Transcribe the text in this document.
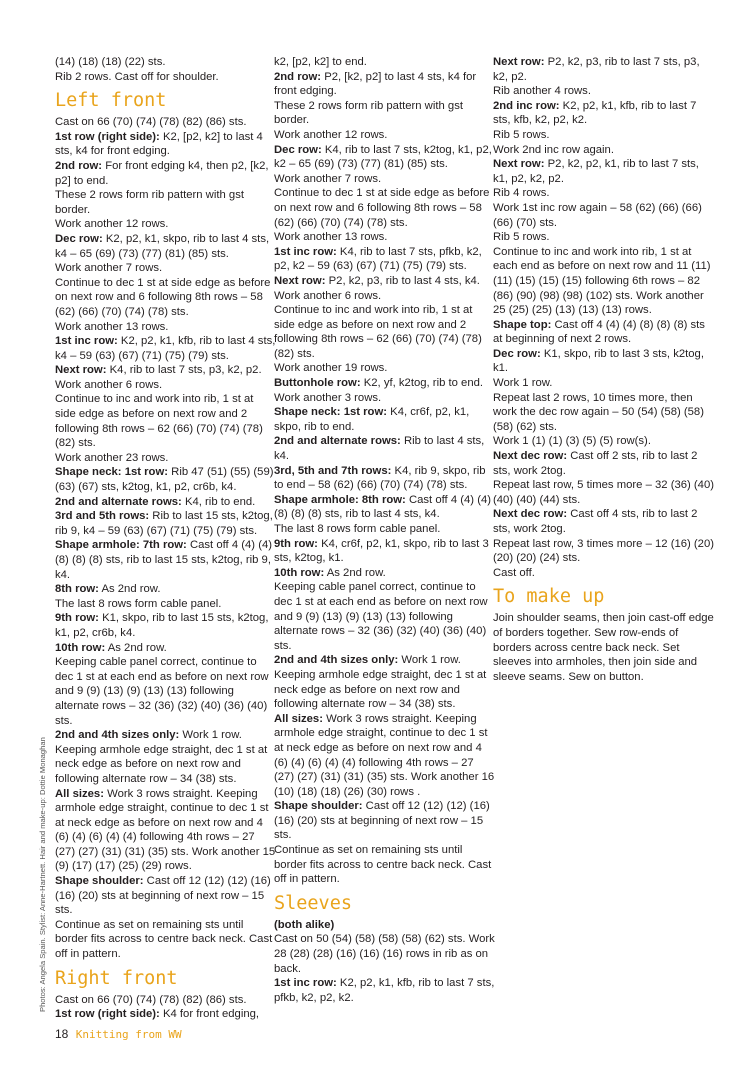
(14) (18) (18) (22) sts.

Rib 2 rows. Cast off for shoulder.

Left front

Cast on 66 (70) (74) (78) (82) (86) sts.

1st row (right side): K2, [p2, k2] to last 4 sts, k4 for front edging.

2nd row: For front edging k4, then p2, [k2, p2] to end.

These 2 rows form rib pattern with gst border.

Work another 12 rows.

Dec row: K2, p2, k1, skpo, rib to last 4 sts, k4 – 65 (69) (73) (77) (81) (85) sts.

Work another 7 rows.

Continue to dec 1 st at side edge as before on next row and 6 following 8th rows – 58 (62) (66) (70) (74) (78) sts.

Work another 13 rows.

1st inc row: K2, p2, k1, kfb, rib to last 4 sts, k4 – 59 (63) (67) (71) (75) (79) sts.

Next row: K4, rib to last 7 sts, p3, k2, p2.

Work another 6 rows.

Continue to inc and work into rib, 1 st at side edge as before on next row and 2 following 8th rows – 62 (66) (70) (74) (78) (82) sts.

Work another 23 rows.

Shape neck: 1st row: Rib 47 (51) (55) (59) (63) (67) sts, k2tog, k1, p2, cr6b, k4.

2nd and alternate rows: K4, rib to end.

3rd and 5th rows: Rib to last 15 sts, k2tog, rib 9, k4 – 59 (63) (67) (71) (75) (79) sts.

Shape armhole: 7th row: Cast off 4 (4) (4) (8) (8) (8) sts, rib to last 15 sts, k2tog, rib 9, k4.

8th row: As 2nd row.

The last 8 rows form cable panel.

9th row: K1, skpo, rib to last 15 sts, k2tog, k1, p2, cr6b, k4.

10th row: As 2nd row.

Keeping cable panel correct, continue to dec 1 st at each end as before on next row and 9 (9) (13) (9) (13) (13) following alternate rows – 32 (36) (32) (40) (36) (40) sts.

2nd and 4th sizes only: Work 1 row. Keeping armhole edge straight, dec 1 st at neck edge as before on next row and following alternate row – 34 (38) sts.

All sizes: Work 3 rows straight. Keeping armhole edge straight, continue to dec 1 st at neck edge as before on next row and 4 (6) (4) (6) (4) (4) following 4th rows – 27 (27) (27) (31) (31) (35) sts. Work another 15 (9) (17) (17) (25) (29) rows.

Shape shoulder: Cast off 12 (12) (12) (16) (16) (20) sts at beginning of next row – 15 sts.

Continue as set on remaining sts until border fits across to centre back neck. Cast off in pattern.

Right front

Cast on 66 (70) (74) (78) (82) (86) sts.

1st row (right side): K4 for front edging,

k2, [p2, k2] to end.

2nd row: P2, [k2, p2] to last 4 sts, k4 for front edging.

These 2 rows form rib pattern with gst border.

Work another 12 rows.

Dec row: K4, rib to last 7 sts, k2tog, k1, p2, k2 – 65 (69) (73) (77) (81) (85) sts.

Work another 7 rows.

Continue to dec 1 st at side edge as before on next row and 6 following 8th rows – 58 (62) (66) (70) (74) (78) sts.

Work another 13 rows.

1st inc row: K4, rib to last 7 sts, pfkb, k2, p2, k2 – 59 (63) (67) (71) (75) (79) sts.

Next row: P2, k2, p3, rib to last 4 sts, k4.

Work another 6 rows.

Continue to inc and work into rib, 1 st at side edge as before on next row and 2 following 8th rows – 62 (66) (70) (74) (78) (82) sts.

Work another 19 rows.

Buttonhole row: K2, yf, k2tog, rib to end.

Work another 3 rows.

Shape neck: 1st row: K4, cr6f, p2, k1, skpo, rib to end.

2nd and alternate rows: Rib to last 4 sts, k4.

3rd, 5th and 7th rows: K4, rib 9, skpo, rib to end – 58 (62) (66) (70) (74) (78) sts.

Shape armhole: 8th row: Cast off 4 (4) (4) (8) (8) (8) sts, rib to last 4 sts, k4.

The last 8 rows form cable panel.

9th row: K4, cr6f, p2, k1, skpo, rib to last 3 sts, k2tog, k1.

10th row: As 2nd row.

Keeping cable panel correct, continue to dec 1 st at each end as before on next row and 9 (9) (13) (9) (13) (13) following alternate rows – 32 (36) (32) (40) (36) (40) sts.

2nd and 4th sizes only: Work 1 row. Keeping armhole edge straight, dec 1 st at neck edge as before on next row and following alternate row – 34 (38) sts.

All sizes: Work 3 rows straight. Keeping armhole edge straight, continue to dec 1 st at neck edge as before on next row and 4 (6) (4) (6) (4) (4) following 4th rows – 27 (27) (27) (31) (31) (35) sts. Work another 16 (10) (18) (18) (26) (30) rows .

Shape shoulder: Cast off 12 (12) (12) (16) (16) (20) sts at beginning of next row – 15 sts.

Continue as set on remaining sts until border fits across to centre back neck. Cast off in pattern.

Sleeves

(both alike)

Cast on 50 (54) (58) (58) (58) (62) sts. Work 28 (28) (28) (16) (16) (16) rows in rib as on back.

1st inc row: K2, p2, k1, kfb, rib to last 7 sts, pfkb, k2, p2, k2.

Next row: P2, k2, p3, rib to last 7 sts, p3, k2, p2.

Rib another 4 rows.

2nd inc row: K2, p2, k1, kfb, rib to last 7 sts, kfb, k2, p2, k2.

Rib 5 rows.

Work 2nd inc row again.

Next row: P2, k2, p2, k1, rib to last 7 sts, k1, p2, k2, p2.

Rib 4 rows.

Work 1st inc row again – 58 (62) (66) (66) (66) (70) sts.

Rib 5 rows.

Continue to inc and work into rib, 1 st at each end as before on next row and 11 (11) (11) (15) (15) (15) following 6th rows – 82 (86) (90) (98) (98) (102) sts. Work another 25 (25) (25) (13) (13) (13) rows.

Shape top: Cast off 4 (4) (4) (8) (8) (8) sts at beginning of next 2 rows.

Dec row: K1, skpo, rib to last 3 sts, k2tog, k1.

Work 1 row.

Repeat last 2 rows, 10 times more, then work the dec row again – 50 (54) (58) (58) (58) (62) sts.

Work 1 (1) (1) (3) (5) (5) row(s).

Next dec row: Cast off 2 sts, rib to last 2 sts, work 2tog.

Repeat last row, 5 times more – 32 (36) (40) (40) (40) (44) sts.

Next dec row: Cast off 4 sts, rib to last 2 sts, work 2tog.

Repeat last row, 3 times more – 12 (16) (20) (20) (20) (24) sts.

Cast off.

To make up

Join shoulder seams, then join cast-off edge of borders together. Sew row-ends of borders across centre back neck. Set sleeves into armholes, then join side and sleeve seams. Sew on button.

Photos: Angela Spain. Stylist: Anne-Hartnett. Hair and make-up: Dottie Monaghan
18 Knitting from WW
